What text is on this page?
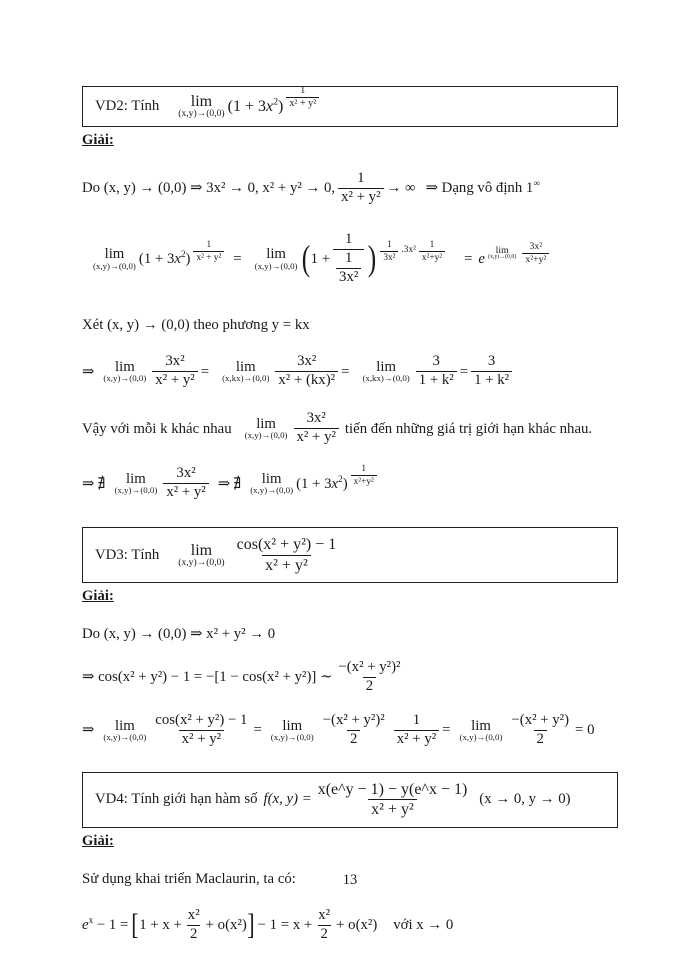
VD2: Tính lim
(x,y)→(0,0) $(1 + 3x^2) \frac{1}{\text{x² + y²}}$
Giải:
Do (x, y) → (0,0) ⇒ 3x² → 0, x² + y² → 0, $\frac{1}{\text{x² + y²}}$ → ∞ ⇒ Dạng vô định 1∞
lim
(x,y)→(0,0) $(1 + 3x^2) \frac{1}{\text{x² + y²}} = \lim$
(x,y)→(0,0) ( $1 + \frac{1}{\frac{1}{\text{3x²}}}$ ) $\frac{1}{\text{3x²}} .3x^2 \frac{1}{\text{x²+y²}} = e$
lim
$(x,y)\to(0,0) \frac{\text{3x²}}{\text{x²+y²}}$
Xét (x, y) → (0,0) theo phương y = kx
⇒ lim
$(x,y)\to(0,0) \frac{\text{3x²}}{\text{x² + y²}} = \lim$
$(x,kx)\to(0,0) \frac{\text{3x²}}{\text{x² + (kx)²}} = \lim$
$(x,kx)\to(0,0) \frac{3}{\text{1 + k²}} = \frac{3}{\text{1 + k²}}$
Vậy với mỗi k khác nhau lim
$(x,y)\to(0,0) \frac{\text{3x²}}{\text{x² + y²}}$ tiến đến những giá trị giới hạn khác nhau.
⇒ ∄ lim
$(x,y)\to(0,0) \frac{\text{3x²}}{\text{x² + y²}}$ ⇒ ∄ lim
(x,y)→(0,0) $(1 + 3x^2) \frac{1}{\text{x²+y²}}$
VD3: Tính lim
$(x,y)\to(0,0) \frac{\text{cos(x² + y²) − 1}}{\text{x² + y²}}$
Giải:
Do (x, y) → (0,0) ⇒ x² + y² → 0
⇒ cos(x² + y²) − 1 = −[1 − cos(x² + y²)] ∼ $\frac{\text{−(x² + y²)²}}{2}$
⇒ lim
$(x,y)\to(0,0) \frac{\text{cos(x² + y²) − 1}}{\text{x² + y²}} = \lim$
$(x,y)\to(0,0) \frac{\text{−(x² + y²)²}}{2} \frac{1}{\text{x² + y²}} = \lim$
$(x,y)\to(0,0) \frac{\text{−(x² + y²)}}{2} = 0$
VD4: Tính giới hạn hàm số f(x, $y) = \frac{x(e\^{}y - 1) - y(e\^{}x - 1)}{\text{x² + y²}} (x \to 0$, y → 0)
Giải:
Sử dụng khai triển Maclaurin, ta có:
$e^x - 1$ = [ $1 + x + \frac{\text{x²}}{2} + o(x^2)$ ] − $1 = x + \frac{\text{x²}}{2} + o(x^2)$ với x → 0
13
